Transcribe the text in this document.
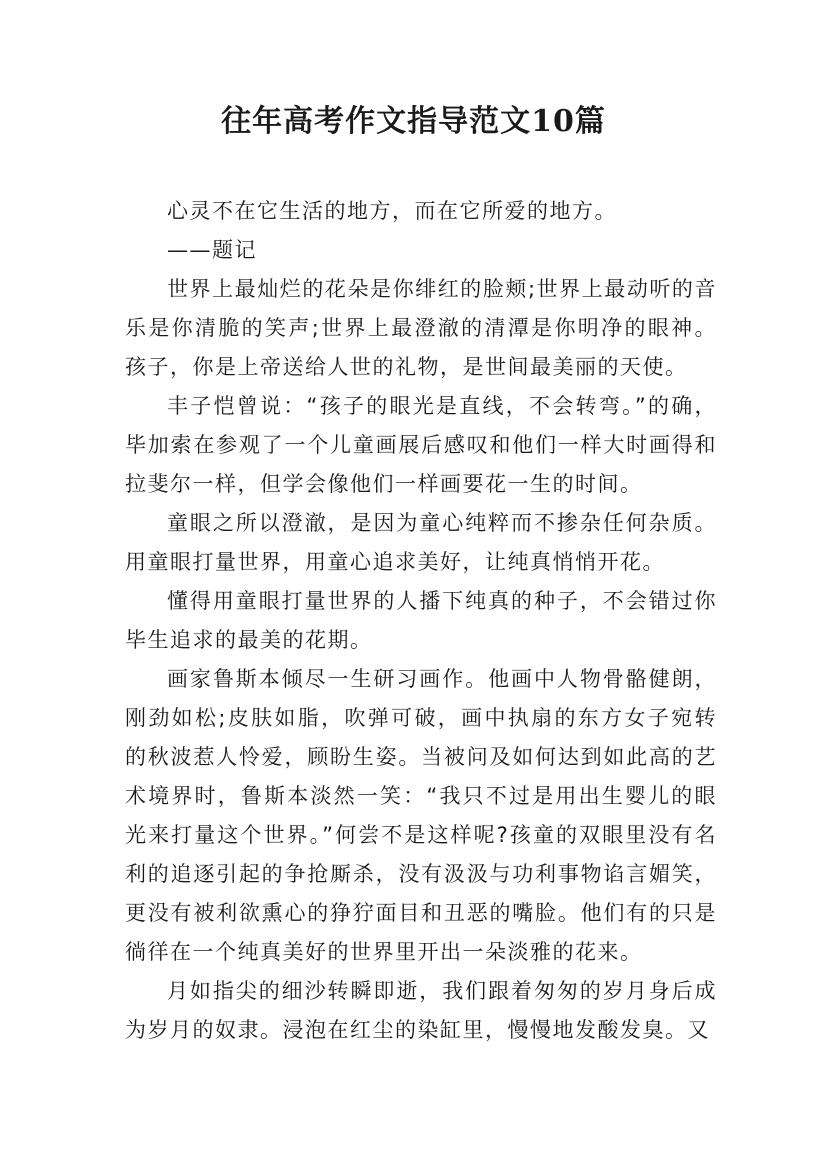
往年高考作文指导范文10篇

心灵不在它生活的地方，而在它所爱的地方。

——题记

世界上最灿烂的花朵是你绯红的脸颊;世界上最动听的音乐是你清脆的笑声;世界上最澄澈的清潭是你明净的眼神。孩子，你是上帝送给人世的礼物，是世间最美丽的天使。

丰子恺曾说：“孩子的眼光是直线，不会转弯。”的确，毕加索在参观了一个儿童画展后感叹和他们一样大时画得和拉斐尔一样，但学会像他们一样画要花一生的时间。

童眼之所以澄澈，是因为童心纯粹而不掺杂任何杂质。用童眼打量世界，用童心追求美好，让纯真悄悄开花。

懂得用童眼打量世界的人播下纯真的种子，不会错过你毕生追求的最美的花期。

画家鲁斯本倾尽一生研习画作。他画中人物骨骼健朗，刚劲如松;皮肤如脂，吹弹可破，画中执扇的东方女子宛转的秋波惹人怜爱，顾盼生姿。当被问及如何达到如此高的艺术境界时，鲁斯本淡然一笑：“我只不过是用出生婴儿的眼光来打量这个世界。”何尝不是这样呢?孩童的双眼里没有名利的追逐引起的争抢厮杀，没有汲汲与功利事物谄言媚笑，更没有被利欲熏心的狰狞面目和丑恶的嘴脸。他们有的只是徜徉在一个纯真美好的世界里开出一朵淡雅的花来。

月如指尖的细沙转瞬即逝，我们跟着匆匆的岁月身后成为岁月的奴隶。浸泡在红尘的染缸里，慢慢地发酸发臭。又
